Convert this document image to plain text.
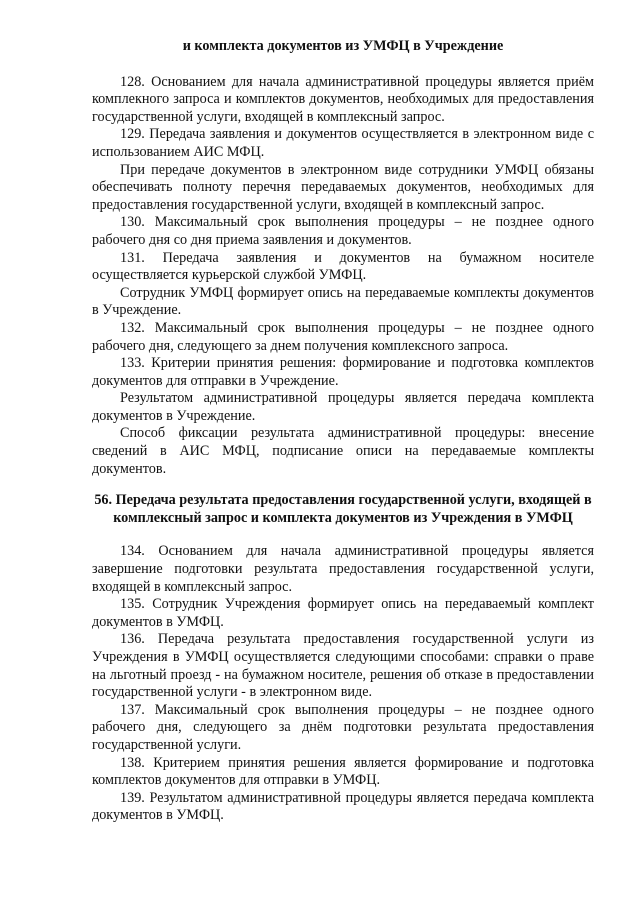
и комплекта документов из УМФЦ в Учреждение

128. Основанием для начала административной процедуры является приём комплекного запроса и комплектов документов, необходимых для предоставления государственной услуги, входящей в комплексный запрос.

129. Передача заявления и документов осуществляется в электронном виде с использованием АИС МФЦ.

При передаче документов в электронном виде сотрудники УМФЦ обязаны обеспечивать полноту перечня передаваемых документов, необходимых для предоставления государственной услуги, входящей в комплексный запрос.

130. Максимальный срок выполнения процедуры – не позднее одного рабочего дня со дня приема заявления и документов.

131. Передача заявления и документов на бумажном носителе осуществляется курьерской службой УМФЦ.

Сотрудник УМФЦ формирует опись на передаваемые комплекты документов в Учреждение.

132. Максимальный срок выполнения процедуры – не позднее одного рабочего дня, следующего за днем получения комплексного запроса.

133. Критерии принятия решения: формирование и подготовка комплектов документов для отправки в Учреждение.

Результатом административной процедуры является передача комплекта документов в Учреждение.

Способ фиксации результата административной процедуры: внесение сведений в АИС МФЦ, подписание описи на передаваемые комплекты документов.

56. Передача результата предоставления государственной услуги, входящей в комплексный запрос и комплекта документов из Учреждения в УМФЦ

134. Основанием для начала административной процедуры является завершение подготовки результата предоставления государственной услуги, входящей в комплексный запрос.

135. Сотрудник Учреждения формирует опись на передаваемый комплект документов в УМФЦ.

136. Передача результата предоставления государственной услуги из Учреждения в УМФЦ осуществляется следующими способами: справки о праве на льготный проезд - на бумажном носителе, решения об отказе в предоставлении государственной услуги - в электронном виде.

137. Максимальный срок выполнения процедуры – не позднее одного рабочего дня, следующего за днём подготовки результата предоставления государственной услуги.

138. Критерием принятия решения является формирование и подготовка комплектов документов для отправки в УМФЦ.

139. Результатом административной процедуры является передача комплекта документов в УМФЦ.
